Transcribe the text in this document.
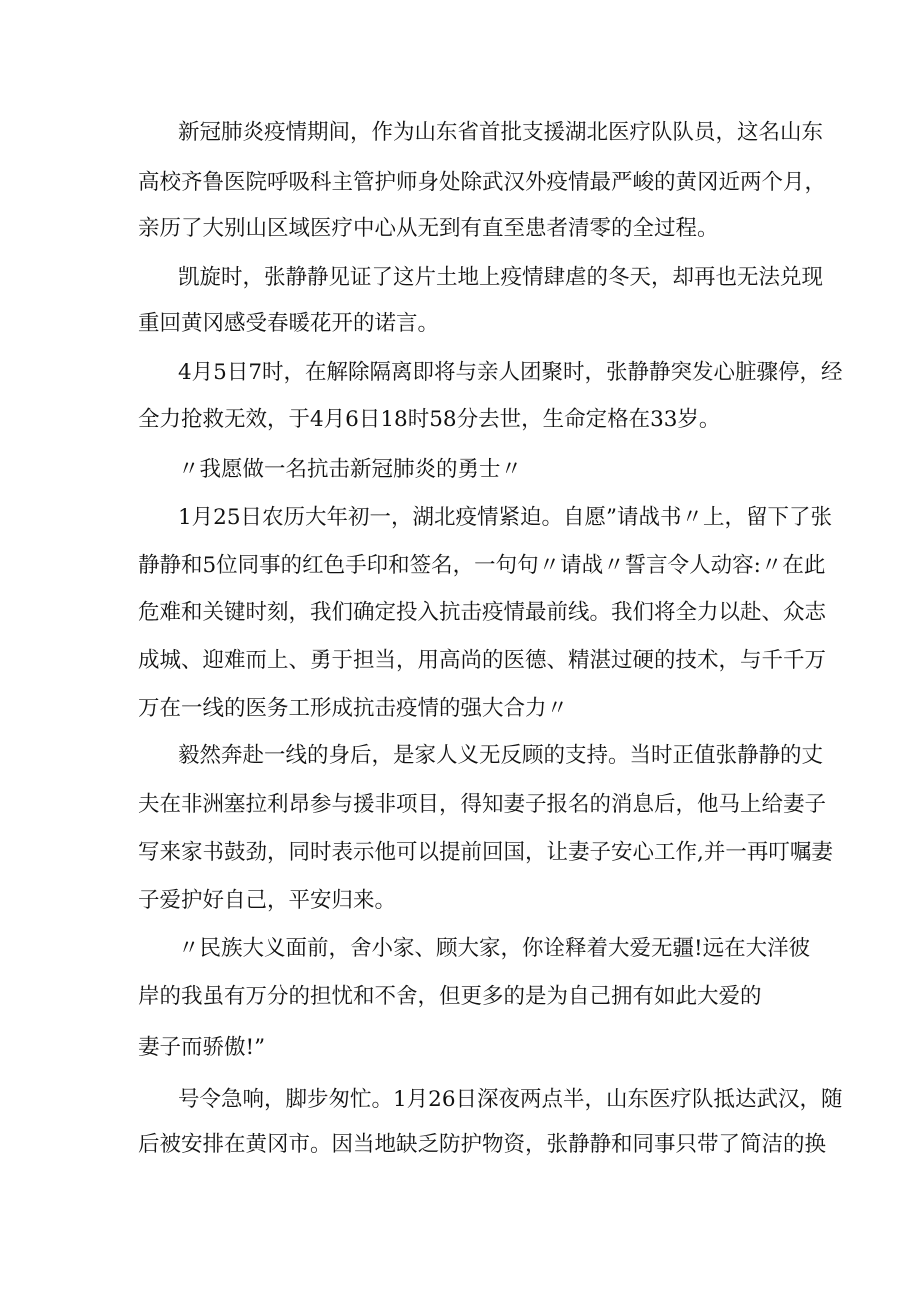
新冠肺炎疫情期间，作为山东省首批支援湖北医疗队队员，这名山东

高校齐鲁医院呼吸科主管护师身处除武汉外疫情最严峻的黄冈近两个月，

亲历了大别山区域医疗中心从无到有直至患者清零的全过程。

凯旋时，张静静见证了这片土地上疫情肆虐的冬天，却再也无法兑现

重回黄冈感受春暖花开的诺言。

4月5日7时，在解除隔离即将与亲人团聚时，张静静突发心脏骤停，经

全力抢救无效，于4月6日18时58分去世，生命定格在33岁。

〃我愿做一名抗击新冠肺炎的勇士〃

1月25日农历大年初一，湖北疫情紧迫。自愿”请战书〃上，留下了张

静静和5位同事的红色手印和签名，一句句〃请战〃誓言令人动容:〃在此

危难和关键时刻，我们确定投入抗击疫情最前线。我们将全力以赴、众志

成城、迎难而上、勇于担当，用高尚的医德、精湛过硬的技术，与千千万

万在一线的医务工形成抗击疫情的强大合力〃

毅然奔赴一线的身后，是家人义无反顾的支持。当时正值张静静的丈

夫在非洲塞拉利昂参与援非项目，得知妻子报名的消息后，他马上给妻子

写来家书鼓劲，同时表示他可以提前回国，让妻子安心工作,并一再叮嘱妻

子爱护好自己，平安归来。

〃民族大义面前，舍小家、顾大家，你诠释着大爱无疆!远在大洋彼

岸的我虽有万分的担忧和不舍，但更多的是为自己拥有如此大爱的

妻子而骄傲!”

号令急响，脚步匆忙。1月26日深夜两点半，山东医疗队抵达武汉，随

后被安排在黄冈市。因当地缺乏防护物资，张静静和同事只带了简洁的换
